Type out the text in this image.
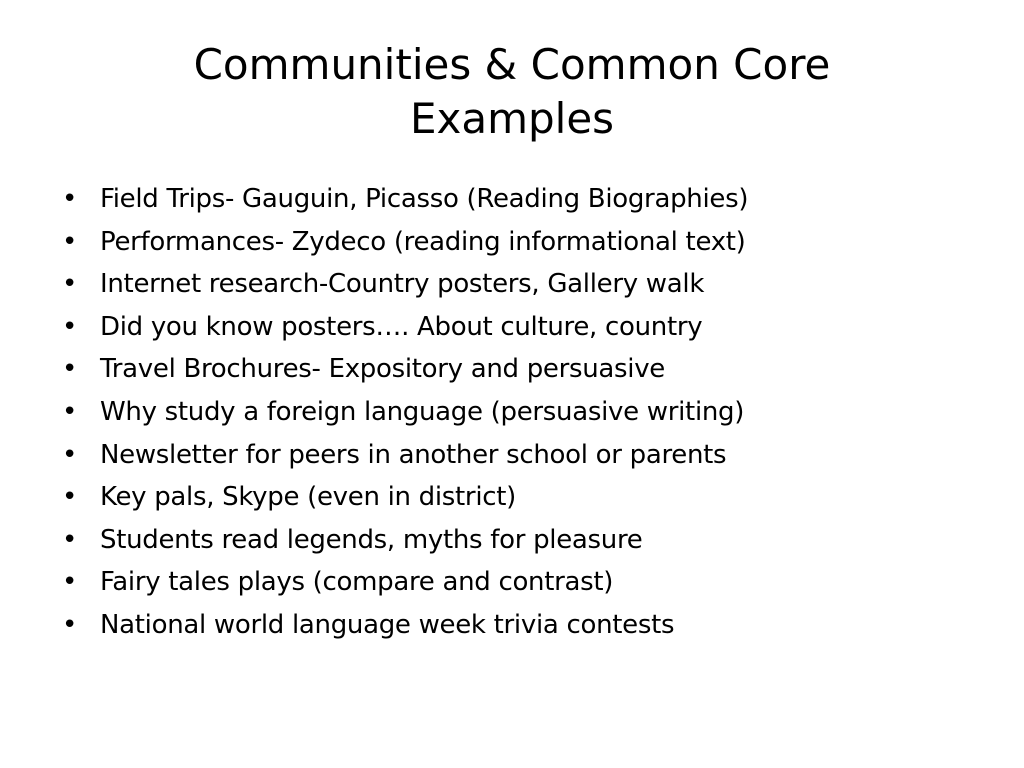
Communities & Common Core
Examples
• Field Trips- Gauguin, Picasso (Reading Biographies)
• Performances- Zydeco (reading informational text)
• Internet research-Country posters, Gallery walk
• Did you know posters…. About culture, country
• Travel Brochures- Expository and persuasive
• Why study a foreign language (persuasive writing)
• Newsletter for peers in another school or parents
• Key pals, Skype (even in district)
• Students read legends, myths for pleasure
• Fairy tales plays (compare and contrast)
• National world language week trivia contests
